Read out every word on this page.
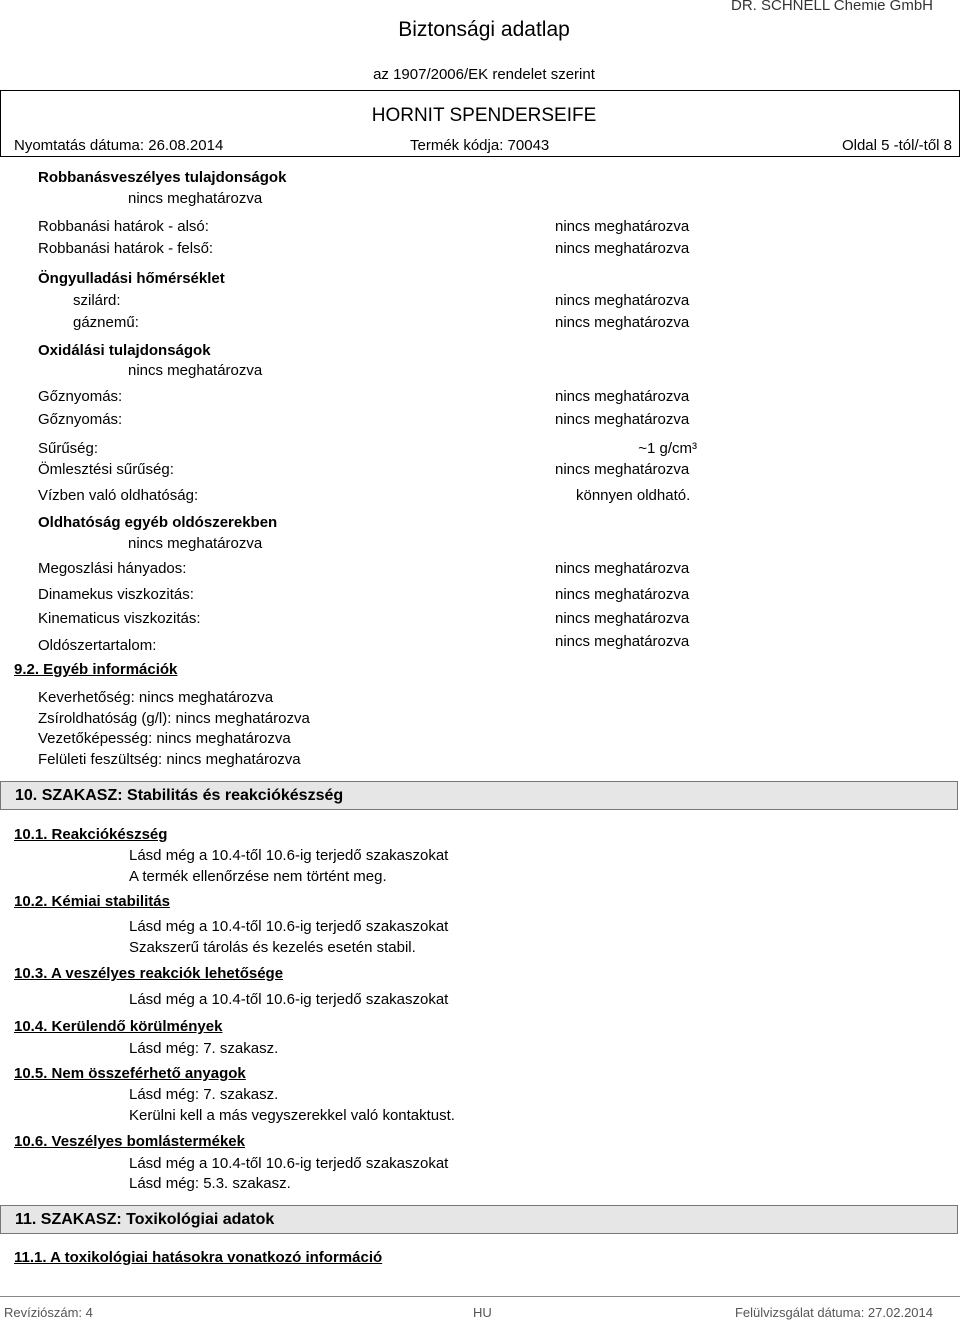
DR. SCHNELL Chemie GmbH
Biztonsági adatlap
az 1907/2006/EK rendelet szerint
HORNIT SPENDERSEIFE
Nyomtatás dátuma: 26.08.2014	Termék kódja: 70043	Oldal 5 -tól/-től 8
Robbanásveszélyes tulajdonságok
nincs meghatározva
Robbanási határok - alsó:	nincs meghatározva
Robbanási határok - felső:	nincs meghatározva
Öngyulladási hőmérséklet
szilárd:	nincs meghatározva
gáznemű:	nincs meghatározva
Oxidálási tulajdonságok
nincs meghatározva
Gőznyomás:	nincs meghatározva
Gőznyomás:	nincs meghatározva
Sűrűség:	~1 g/cm³
Ömlesztési sűrűség:	nincs meghatározva
Vízben való oldhatóság:	könnyen oldható.
Oldhatóság egyéb oldószerekben
nincs meghatározva
Megoszlási hányados:	nincs meghatározva
Dinamekus viszkozitás:	nincs meghatározva
Kinematicus viszkozitás:	nincs meghatározva
Oldószertartalom:	nincs meghatározva
9.2. Egyéb információk
Keverhetőség: nincs meghatározva
Zsíroldhatóság (g/l): nincs meghatározva
Vezetőképesség: nincs meghatározva
Felületi feszültség: nincs meghatározva
10. SZAKASZ: Stabilitás és reakciókészség
10.1. Reakciókészség
Lásd még a 10.4-től 10.6-ig terjedő szakaszokat
A termék ellenőrzése nem történt meg.
10.2. Kémiai stabilitás
Lásd még a 10.4-től 10.6-ig terjedő szakaszokat
Szakszerű tárolás és kezelés esetén stabil.
10.3. A veszélyes reakciók lehetősége
Lásd még a 10.4-től 10.6-ig terjedő szakaszokat
10.4. Kerülendő körülmények
Lásd még: 7. szakasz.
10.5. Nem összeférhető anyagok
Lásd még: 7. szakasz.
Kerülni kell a más vegyszerekkel való kontaktust.
10.6. Veszélyes bomlástermékek
Lásd még a 10.4-től 10.6-ig terjedő szakaszokat
Lásd még: 5.3. szakasz.
11. SZAKASZ: Toxikológiai adatok
11.1. A toxikológiai hatásokra vonatkozó információ
Revíziószám: 4	HU	Felülvizsgálat dátuma: 27.02.2014
